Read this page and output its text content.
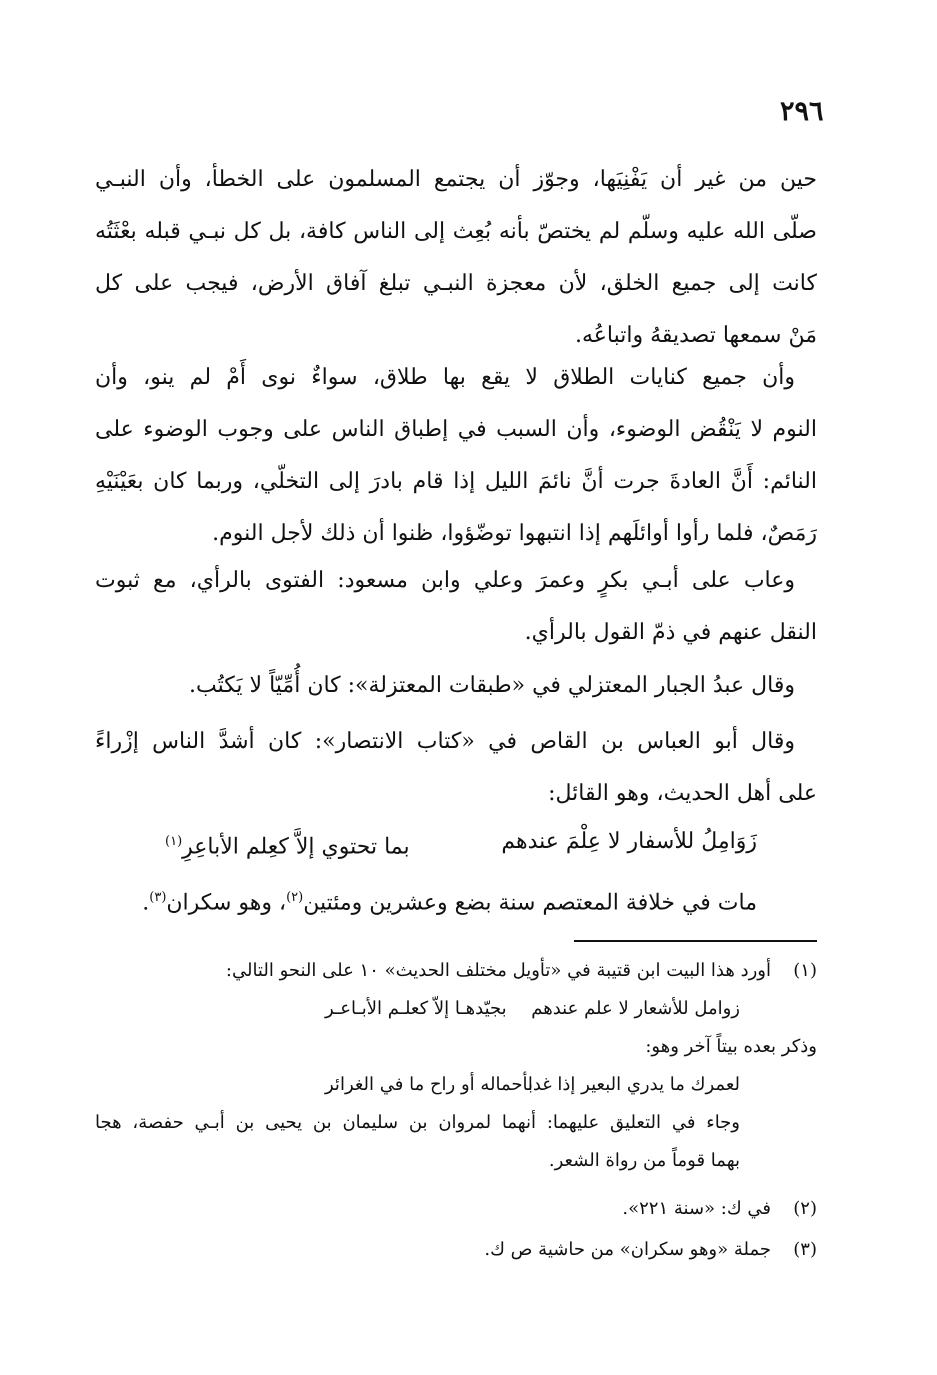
٢٩٦
حين من غير أن يَفْنِيَها، وجوّز أن يجتمع المسلمون على الخطأ، وأن النبـي
صلّى الله عليه وسلّم لم يختصّ بأنه بُعِث إلى الناس كافة، بل كل نبـي قبله بعْثَتُه
كانت إلى جميع الخلق، لأن معجزة النبـي تبلغ آفاق الأرض، فيجب على كل
مَنْ سمعها تصديقهُ واتباعُه.
وأن جميع كنايات الطلاق لا يقع بها طلاق، سواءٌ نوى أَمْ لم ينو، وأن
النوم لا يَنْقُض الوضوء، وأن السبب في إطباق الناس على وجوب الوضوء على
النائم: أَنَّ العادةَ جرت أنَّ نائمَ الليل إذا قام بادرَ إلى التخلّي، وربما كان بعَيْنَيْهِ
رَمَصٌ، فلما رأوا أوائلَهم إذا انتبهوا توضّؤوا، ظنوا أن ذلك لأجل النوم.
وعاب على أبـي بكرٍ وعمرَ وعلي وابن مسعود: الفتوى بالرأي، مع ثبوت
النقل عنهم في ذمّ القول بالرأي.
وقال عبدُ الجبار المعتزلي في «طبقات المعتزلة»: كان أُمِّيّاً لا يَكتُب.
وقال أبو العباس بن القاص في «كتاب الانتصار»: كان أشدَّ الناس إزْراءً
على أهل الحديث، وهو القائل:
زَوَامِلُ للأسفار لا عِلْمَ عندهم
بما تحتوي إلاَّ كعِلم الأباعِرِ$^{(١)}$
مات في خلافة المعتصم سنة بضع وعشرين ومئتين$^{(٢)}$، وهو سكران$^{(٣)}$.
(١)أورد هذا البيت ابن قتيبة في «تأويل مختلف الحديث» ١٠ على النحو التالي:
زوامل للأشعار لا علم عندهم
بجيّدهـا إلاّ كعلـم الأبـاعـر
وذكر بعده بيتاً آخر وهو:
لعمرك ما يدري البعير إذا غدا
بأحماله أو راح ما في الغرائر
وجاء في التعليق عليهما: أنهما لمروان بن سليمان بن يحيى بن أبـي حفصة، هجا
بهما قوماً من رواة الشعر.
(٢)في ك: «سنة ٢٢١».
(٣)جملة «وهو سكران» من حاشية ص ك.
